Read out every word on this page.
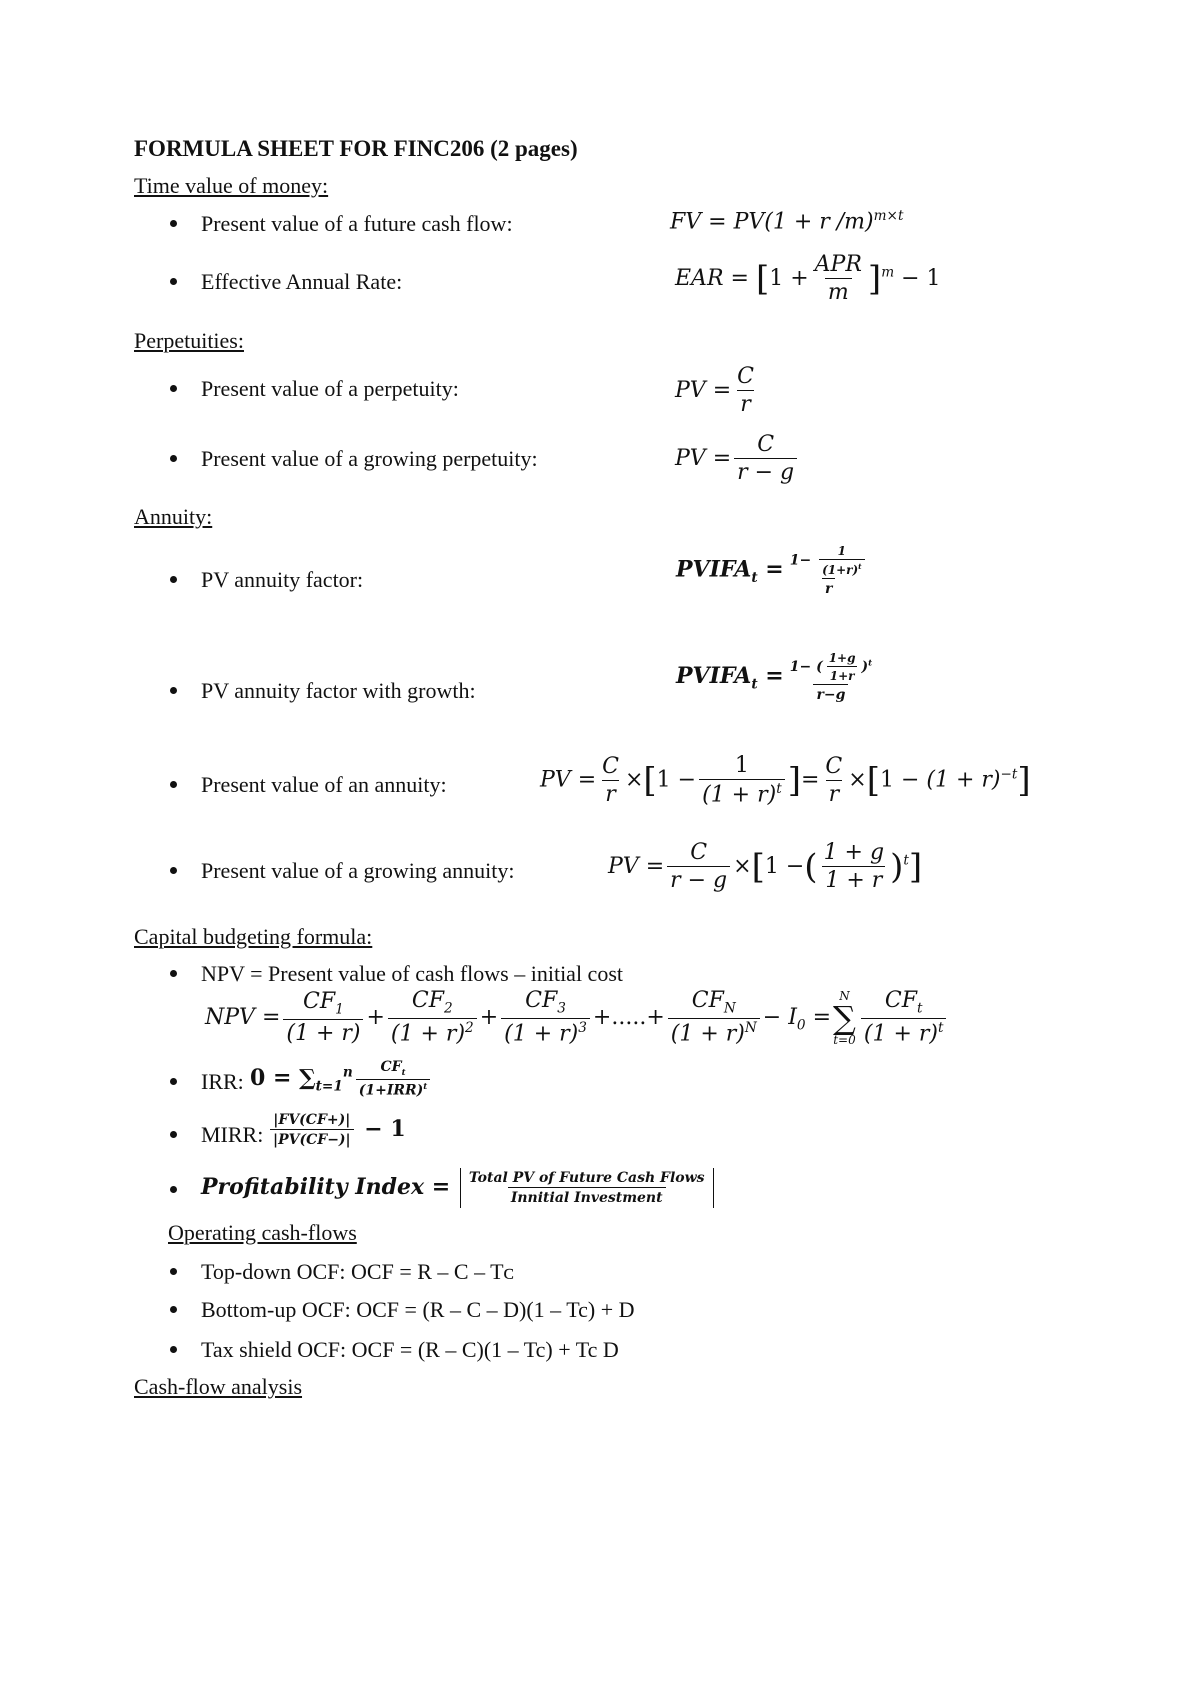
FORMULA SHEET FOR FINC206 (2 pages)
Time value of money:
Present value of a future cash flow:	FV = PV(1 + r /m)$^{m\times t}$
Effective Annual Rate:	EAR = $[1 + \frac{\text{APR}}{m} ]^m - 1$
Perpetuities:
Present value of a perpetuity:	PV = $\frac{C}{r}$
Present value of a growing perpetuity:	PV = $\frac{C}{r - g}$
Annuity:
PV annuity factor:	$PVIFA_t = \frac{1- \frac{1}{(1+r)^t}}{r}$
PV annuity factor with growth:
$PVIFA_t = \frac{1- ( \frac{1+g}{1+r} )^t}{r-g}$
Present value of an annuity:	PV = $\frac{C}{r} \times[1 - \frac{1}{(1 + r)^t}$ ]= $\frac{C}{r} \times[1 - (1 + r)^{-t}]$
Present value of a growing annuity:	PV = $\frac{C}{r - g} \times[1$ −( $\frac{1 + g}{1 + r} )^t$]
Capital budgeting formula:
NPV = Present value of cash flows – initial cost
NPV = $\frac{CF_1}{(1 + r)} + \frac{CF_2}{(1 + r)^2} + \frac{CF_3}{(1 + r)^3}$ +.....+ $\frac{CF_N}{(1 + r)^N} - I_0$ =
N
∑
$t=0 \frac{CF_t}{(1 + r)^t}$
IRR: $0 = \sum_{t=1}^n \frac{CF_t}{(1+IRR)^t}$
MIRR: $\frac{|FV(CF+)|}{|PV(CF-)|} - 1$
Profitability Index = $\frac{\text{Total PV of Future Cash Flows}}{\text{Innitial Investment}}$
Operating cash-flows
Top-down OCF: OCF = R – C – Tᴄ
Bottom-up OCF: OCF = (R – C – D)(1 – Tc) + D
Tax shield OCF: OCF = (R – C)(1 – Tc) + Tc D
Cash-flow analysis
